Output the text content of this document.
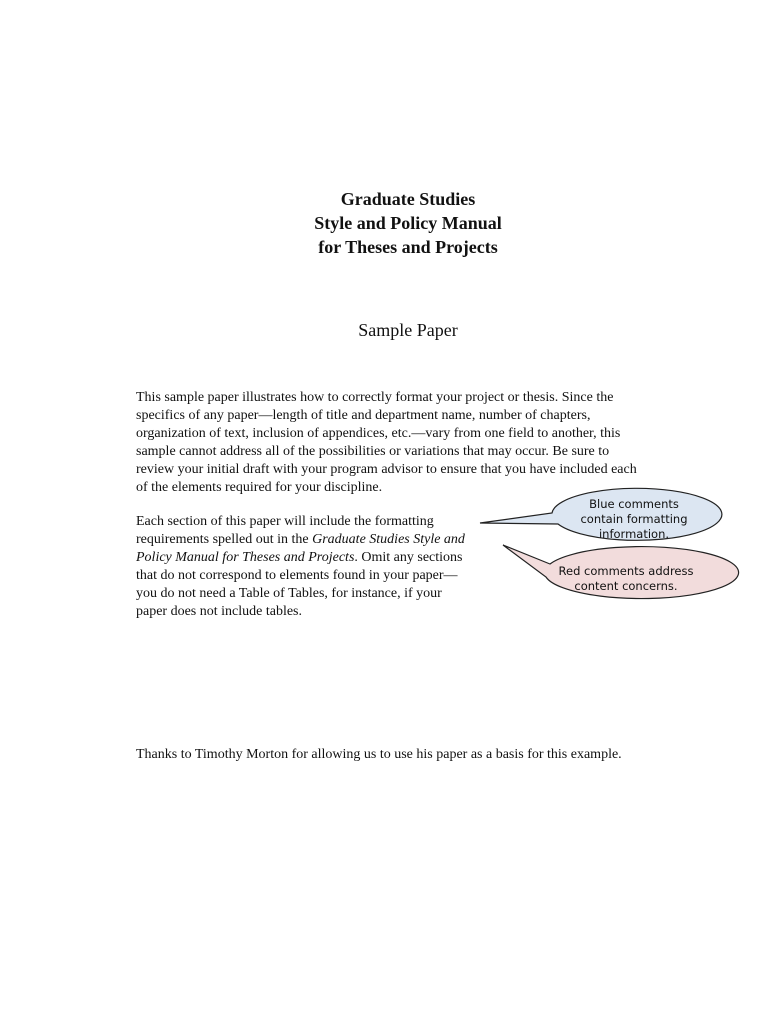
Graduate Studies
Style and Policy Manual
for Theses and Projects
Sample Paper

This sample paper illustrates how to correctly format your project or thesis. Since the
specifics of any paper—length of title and department name, number of chapters,
organization of text, inclusion of appendices, etc.—vary from one field to another, this
sample cannot address all of the possibilities or variations that may occur. Be sure to
review your initial draft with your program advisor to ensure that you have included each
of the elements required for your discipline.

Each section of this paper will include the formatting
requirements spelled out in the Graduate Studies Style and
Policy Manual for Theses and Projects. Omit any sections
that do not correspond to elements found in your paper—
you do not need a Table of Tables, for instance, if your
paper does not include tables.

Blue comments contain formatting information.
Red comments address content concerns.

Thanks to Timothy Morton for allowing us to use his paper as a basis for this example.
